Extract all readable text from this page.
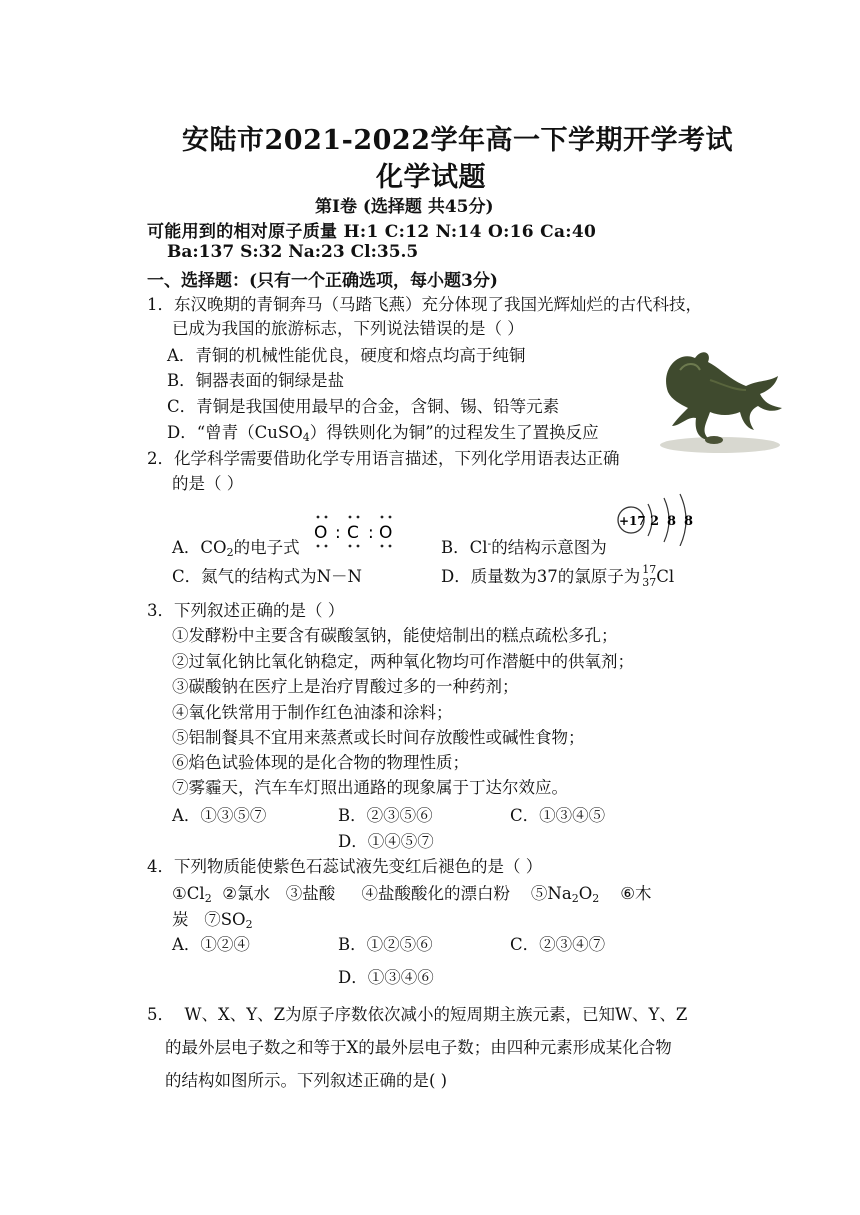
安陆市2021-2022学年高一下学期开学考试
化学试题
第I卷 (选择题 共45分)
可能用到的相对原子质量 H:1 C:12 N:14 O:16 Ca:40
Ba:137 S:32 Na:23 Cl:35.5
一、选择题：(只有一个正确选项，每小题3分)
1．东汉晚期的青铜奔马（马踏飞燕）充分体现了我国光辉灿烂的古代科技，
已成为我国的旅游标志，下列说法错误的是（ ）
A．青铜的机械性能优良，硬度和熔点均高于纯铜
B．铜器表面的铜绿是盐
C．青铜是我国使用最早的合金，含铜、锡、铅等元素
D．“曾青（CuSO$_4$）得铁则化为铜”的过程发生了置换反应
2．化学科学需要借助化学专用语言描述，下列化学用语表达正确
的是（ ）
A．$CO_2$的电子式
O : C : O
B．Cl-的结构示意图为
+17 2 8 8
C．氮气的结构式为N－N	D．质量数为37的氯原子为 17
37 Cl
3．下列叙述正确的是（ ）
①发酵粉中主要含有碳酸氢钠，能使焙制出的糕点疏松多孔；
②过氧化钠比氧化钠稳定，两种氧化物均可作潜艇中的供氧剂；
③碳酸钠在医疗上是治疗胃酸过多的一种药剂；
④氧化铁常用于制作红色油漆和涂料；
⑤铝制餐具不宜用来蒸煮或长时间存放酸性或碱性食物；
⑥焰色试验体现的是化合物的物理性质；
⑦雾霾天，汽车车灯照出通路的现象属于丁达尔效应。
A．①③⑤⑦	B．②③⑤⑥	C．①③④⑤
D．①④⑤⑦
4．下列物质能使紫色石蕊试液先变红后褪色的是（ ）
$①Cl_2$  ②氯水   ③盐酸     ④盐酸酸化的漂白粉    $⑤Na_2O_2$    ⑥木
炭   $⑦SO_2$
A．①②④	B．①②⑤⑥	C．②③④⑦
D．①③④⑥
5．  W、X、Y、Z为原子序数依次减小的短周期主族元素，已知W、Y、Z
的最外层电子数之和等于X的最外层电子数；由四种元素形成某化合物
的结构如图所示。下列叙述正确的是( )
